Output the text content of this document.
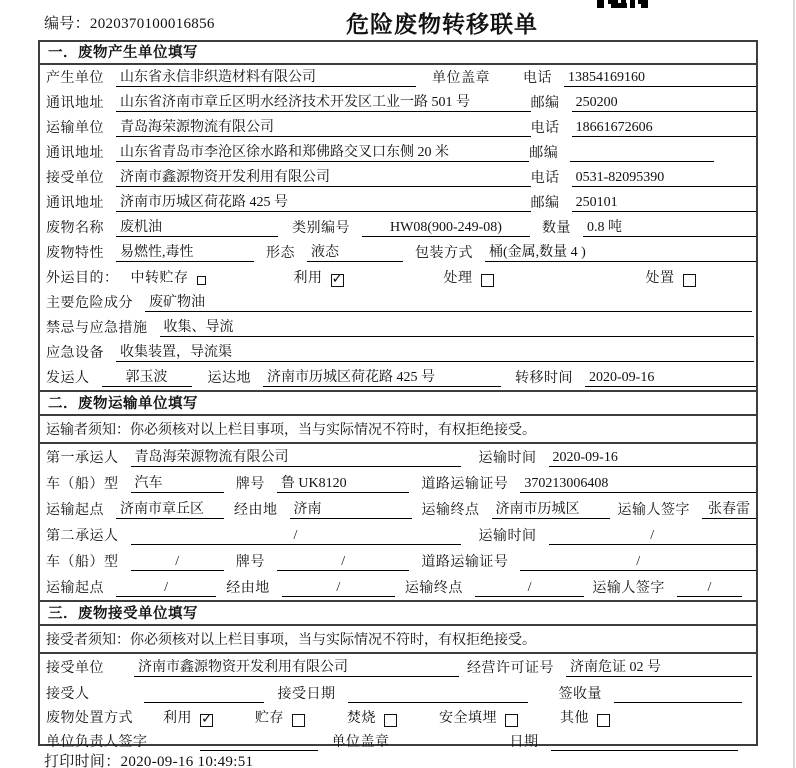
编号：2020370100016856	危险废物转移联单
一．废物产生单位填写
产生单位 山东省永信非织造材料有限公司	单位盖章 电话 13854169160
通讯地址 山东省济南市章丘区明水经济技术开发区工业一路 501 号	邮编 250200
运输单位 青岛海荣源物流有限公司	电话 18661672606
通讯地址 山东省青岛市李沧区徐水路和郑佛路交叉口东侧 20 米	邮编
接受单位 济南市鑫源物资开发利用有限公司	电话 0531-82095390
通讯地址 济南市历城区荷花路 425 号	邮编 250101
废物名称 废机油	类别编号	HW08(900-249-08)	数量 0.8 吨
废物特性 易燃性,毒性	形态 液态	包装方式 桶(金属,数量 4 )
外运目的： 中转贮存	利用 ✓	处理	处置
主要危险成分 废矿物油
禁忌与应急措施 收集、导流
应急设备 收集装置，导流渠
发运人	郭玉波	运达地 济南市历城区荷花路 425 号	转移时间 2020-09-16
二．废物运输单位填写
运输者须知：你必须核对以上栏目事项，当与实际情况不符时，有权拒绝接受。
第一承运人 青岛海荣源物流有限公司	运输时间 2020-09-16
车（船）型 汽车	牌号 鲁 UK8120	道路运输证号 370213006408
运输起点 济南市章丘区	经由地 济南	运输终点 济南市历城区	运输人签字	张春雷
第二承运人	/	运输时间	/
车（船）型	/	牌号	/	道路运输证号	/
运输起点	/	经由地	/	运输终点	/	运输人签字	/
三．废物接受单位填写
接受者须知：你必须核对以上栏目事项，当与实际情况不符时，有权拒绝接受。
接受单位 济南市鑫源物资开发利用有限公司	经营许可证号 济南危证 02 号
接受人	接受日期	签收量
废物处置方式 利用 ✓	贮存	焚烧	安全填埋	其他
单位负责人签字	单位盖章	日期
打印时间：2020-09-16 10:49:51
